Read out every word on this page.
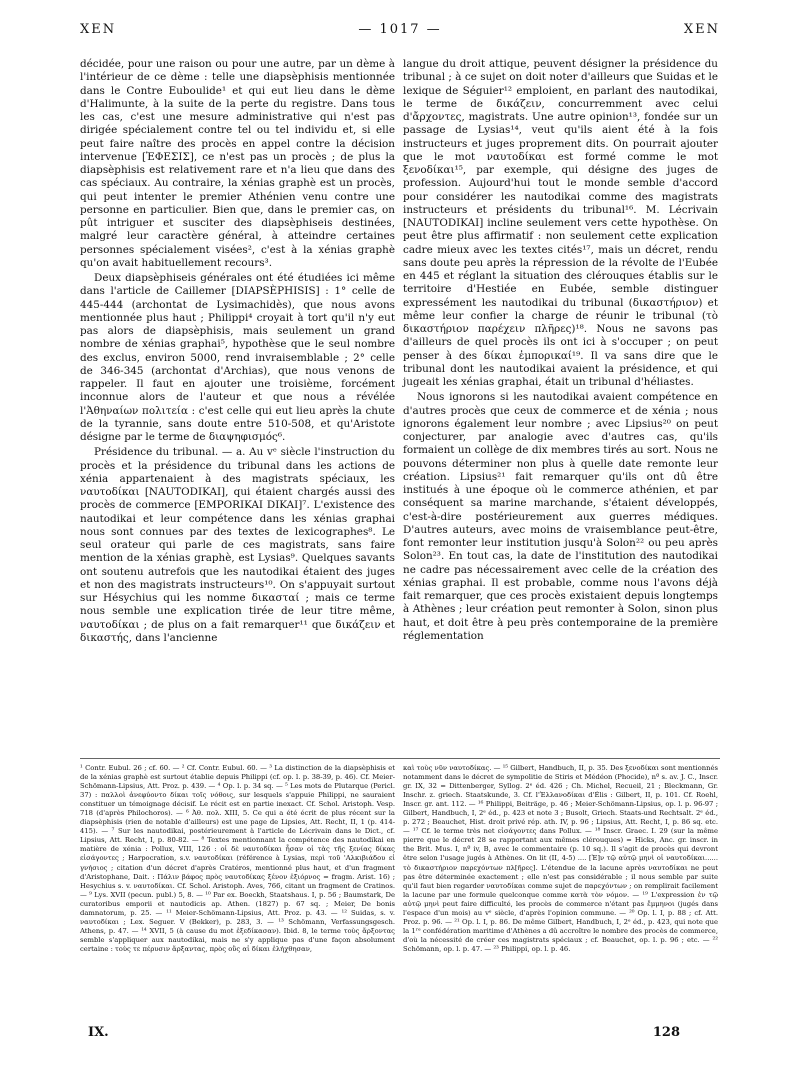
XEN	— 1017 —	XEN

décidée, pour une raison ou pour une autre, par un dème à l'intérieur de ce dème : telle une diapsèphisis mentionnée dans le Contre Euboulide¹ et qui eut lieu dans le dème d'Halimunte, à la suite de la perte du registre. Dans tous les cas, c'est une mesure administrative qui n'est pas dirigée spécialement contre tel ou tel individu et, si elle peut faire naître des procès en appel contre la décision intervenue [ἘΦΕΣΙΣ], ce n'est pas un procès ; de plus la diapsèphisis est relativement rare et n'a lieu que dans des cas spéciaux. Au contraire, la xénias graphè est un procès, qui peut intenter le premier Athénien venu contre une personne en particulier. Bien que, dans le premier cas, on pût intriguer et susciter des diapsèphiseis destinées, malgré leur caractère général, à atteindre certaines personnes spécialement visées², c'est à la xénias graphè qu'on avait habituellement recours³.

Deux diapsèphiseis générales ont été étudiées ici même dans l'article de Caillemer [DIAPSÈPHISIS] : 1° celle de 445-444 (archontat de Lysimachidès), que nous avons mentionnée plus haut ; Philippi⁴ croyait à tort qu'il n'y eut pas alors de diapsèphisis, mais seulement un grand nombre de xénias graphai⁵, hypothèse que le seul nombre des exclus, environ 5000, rend invraisemblable ; 2° celle de 346-345 (archontat d'Archias), que nous venons de rappeler. Il faut en ajouter une troisième, forcément inconnue alors de l'auteur et que nous a révélée l'Ἀθηναίων πολιτεία : c'est celle qui eut lieu après la chute de la tyrannie, sans doute entre 510-508, et qu'Aristote désigne par le terme de διαψηφισμός⁶.

Présidence du tribunal. — a. Au vᵉ siècle l'instruction du procès et la présidence du tribunal dans les actions de xénia appartenaient à des magistrats spéciaux, les ναυτοδίκαι [NAUTODIKAI], qui étaient chargés aussi des procès de commerce [EMPORIKAI DIKAI]⁷. L'existence des nautodikai et leur compétence dans les xénias graphai nous sont connues par des textes de lexicographes⁸. Le seul orateur qui parle de ces magistrats, sans faire mention de la xénias graphè, est Lysias⁹. Quelques savants ont soutenu autrefois que les nautodikai étaient des juges et non des magistrats instructeurs¹⁰. On s'appuyait surtout sur Hésychius qui les nomme δικασταί ; mais ce terme nous semble une explication tirée de leur titre même, ναυτοδίκαι ; de plus on a fait remarquer¹¹ que δικάζειν et δικαστής, dans l'ancienne

langue du droit attique, peuvent désigner la présidence du tribunal ; à ce sujet on doit noter d'ailleurs que Suidas et le lexique de Séguier¹² emploient, en parlant des nautodikai, le terme de δικάζειν, concurremment avec celui d'ἄρχοντες, magistrats. Une autre opinion¹³, fondée sur un passage de Lysias¹⁴, veut qu'ils aient été à la fois instructeurs et juges proprement dits. On pourrait ajouter que le mot ναυτοδίκαι est formé comme le mot ξενοδίκαι¹⁵, par exemple, qui désigne des juges de profession. Aujourd'hui tout le monde semble d'accord pour considérer les nautodikai comme des magistrats instructeurs et présidents du tribunal¹⁶. M. Lécrivain [NAUTODIKAI] incline seulement vers cette hypothèse. On peut être plus affirmatif : non seulement cette explication cadre mieux avec les textes cités¹⁷, mais un décret, rendu sans doute peu après la répression de la révolte de l'Eubée en 445 et réglant la situation des clérouques établis sur le territoire d'Hestiée en Eubée, semble distinguer expressément les nautodikai du tribunal (δικαστήριον) et même leur confier la charge de réunir le tribunal (τὸ δικαστήριον παρέχειν πλῆρες)¹⁸. Nous ne savons pas d'ailleurs de quel procès ils ont ici à s'occuper ; on peut penser à des δίκαι ἐμπορικαί¹⁹. Il va sans dire que le tribunal dont les nautodikai avaient la présidence, et qui jugeait les xénias graphai, était un tribunal d'héliastes.

Nous ignorons si les nautodikai avaient compétence en d'autres procès que ceux de commerce et de xénia ; nous ignorons également leur nombre ; avec Lipsius²⁰ on peut conjecturer, par analogie avec d'autres cas, qu'ils formaient un collège de dix membres tirés au sort. Nous ne pouvons déterminer non plus à quelle date remonte leur création. Lipsius²¹ fait remarquer qu'ils ont dû être institués à une époque où le commerce athénien, et par conséquent sa marine marchande, s'étaient développés, c'est-à-dire postérieurement aux guerres médiques. D'autres auteurs, avec moins de vraisemblance peut-être, font remonter leur institution jusqu'à Solon²² ou peu après Solon²³. En tout cas, la date de l'institution des nautodikai ne cadre pas nécessairement avec celle de la création des xénias graphai. Il est probable, comme nous l'avons déjà fait remarquer, que ces procès existaient depuis longtemps à Athènes ; leur création peut remonter à Solon, sinon plus haut, et doit être à peu près contemporaine de la première réglementation

¹ Contr. Eubul. 26 ; cf. 60. — ² Cf. Contr. Eubul. 60. — ³ La distinction de la diapsèphisis et de la xénias graphè est surtout établie depuis Philippi (cf. op. l. p. 38-39, p. 46). Cf. Meier-Schömann-Lipsius, Att. Proz. p. 439. — ⁴ Op. l. p. 34 sq. — ⁵ Les mots de Plutarque (Pericl. 37) : παλλοὶ ἀνεφύοντο δίκαι τοῖς νόθοις, sur lesquels s'appuie Philippi, ne sauraient constituer un témoignage décisif. Le récit est en partie inexact. Cf. Schol. Aristoph. Vesp. 718 (d'après Philochoros). — ⁶ Ἀθ. πολ. XIII, 5. Ce qui a été écrit de plus récent sur la diapsèphisis (rien de notable d'ailleurs) est une page de Lipsies, Att. Recht, II, 1 (p. 414-415). — ⁷ Sur les nautodikai, postérieurement à l'article de Lécrivain dans le Dict., cf. Lipsius, Att. Recht, I, p. 80-82. — ⁸ Textes mentionnant la compétence des nautodikai en matière de xénia : Pollux, VIII, 126 : οἱ δὲ ναυτοδίκαι ἦσαν οἱ τὰς τῆς ξενίας δίκας εἰσάγοντες ; Harpocration, s.v. ναυτοδίκαι (référence à Lysias, περὶ τοῦ 'Αλκιβιάδου εἰ γνήσιος ; citation d'un décret d'après Cratéros, mentionné plus haut, et d'un fragment d'Aristophane, Dait. : Πάλιν βάφος πρὸς ναυτοδίκας ξένον ἐξιόρνος = fragm. Arist. 16) ; Hesychius s. v. ναυτοδίκαι. Cf. Schol. Aristoph. Aves, 766, citant un fragment de Cratinos. — ⁹ Lys. XVII (pecun. publ.) 5, 8. — ¹⁰ Par ex. Boeckh, Staatshaus. I, p. 56 ; Baumstark, De curatoribus emporii et nautodicis ap. Athen. (1827) p. 67 sq. ; Meier, De bonis damnatorum, p. 25. — ¹¹ Meier-Schömann-Lipsius, Att. Proz. p. 43. — ¹² Suidas, s. v. ναυτοδίκαι ; Lex. Seguer. V (Bekker), p. 283, 3. — ¹³ Schömann, Verfassungsgesch. Athens, p. 47. — ¹⁴ XVII, 5 (à cause du mot ἐξεδίκασαν). Ibid. 8, le terme τοὺς ἄρξοντας semble s'appliquer aux nautodikai, mais ne s'y applique pas d'une façon absolument certaine : τοὺς τε πέρυσιν ἄρξαντας, πρὸς οὓς αἱ δίκαι ἐλήχθησαν,

καὶ τοὺς νῦν ναυτοδίκας. — ¹⁵ Gilbert, Handbuch, II, p. 35. Des ξενοδίκαι sont mentionnés notamment dans le décret de sympolitie de Stiris et Médéon (Phocide), nº s. av. J. C., Inscr. gr. IX, 32 = Dittenberger, Syllog. 2ᵉ éd. 426 ; Ch. Michel, Recueil, 21 ; Bleckmann, Gr. Inschr. z. griech. Staatskunde, 3. Cf. l'Ἑλλανοδίκαι d'Élis : Gilbert, II, p. 101. Cf. Roehl, Inscr. gr. ant. 112. — ¹⁶ Philippi, Beiträge, p. 46 ; Meier-Schömann-Lipsius, op. l. p. 96-97 ; Gilbert, Handbuch, I, 2ᵉ éd., p. 423 et note 3 ; Busolt, Griech. Staats-und Rechtsalt. 2ᵉ éd., p. 272 ; Beauchet, Hist. droit privé rép. ath. IV, p. 96 ; Lipsius, Att. Recht, I, p. 86 sq. etc. — ¹⁷ Cf. le terme très net εἰσάγοντες dans Pollux. — ¹⁸ Inscr. Graec. I. 29 (sur la même pierre que le décret 28 se rapportant aux mêmes clérouques) = Hicks, Anc. gr. inscr. in the Brit. Mus. I, nº iv, B, avec le commentaire (p. 10 sq.). Il s'agit de procès qui devront être selon l'usage jugés à Athènes. On lit (II, 4-5) .... [Ἐ]ν τῷ αὐτῷ μηνὶ οἱ ναυτοδίκαι...... τὸ δικαστήριον παρεχόντων πλ[ῆρες]. L'étendue de la lacune après ναυτοδίκαι ne peut pas être déterminée exactement ; elle n'est pas considérable ; il nous semble par suite qu'il faut bien regarder ναυτοδίκαι comme sujet de παρεχόντων ; on remplirait facilement la lacune par une formule quelconque comme κατὰ τὸν νόμον. — ¹⁹ L'expression ἐν τῷ αὐτῷ μηνὶ peut faire difficulté, les procès de commerce n'étant pas ἔμμηνοι (jugés dans l'espace d'un mois) au vᵉ siècle, d'après l'opinion commune. — ²⁰ Op. l. I, p. 88 ; cf. Att. Proz. p. 96. — ²¹ Op. l. I, p. 86. De même Gilbert, Handbuch, I, 2ᵉ éd., p. 423, qui note que la 1ʳᵉ confédération maritime d'Athènes a dû accroître le nombre des procès de commerce, d'où la nécessité de créer ces magistrats spéciaux ; cf. Beauchet, op. l. p. 96 ; etc. — ²² Schömann, op. l. p. 47. — ²³ Philippi, op. l. p. 46.

IX.	128
